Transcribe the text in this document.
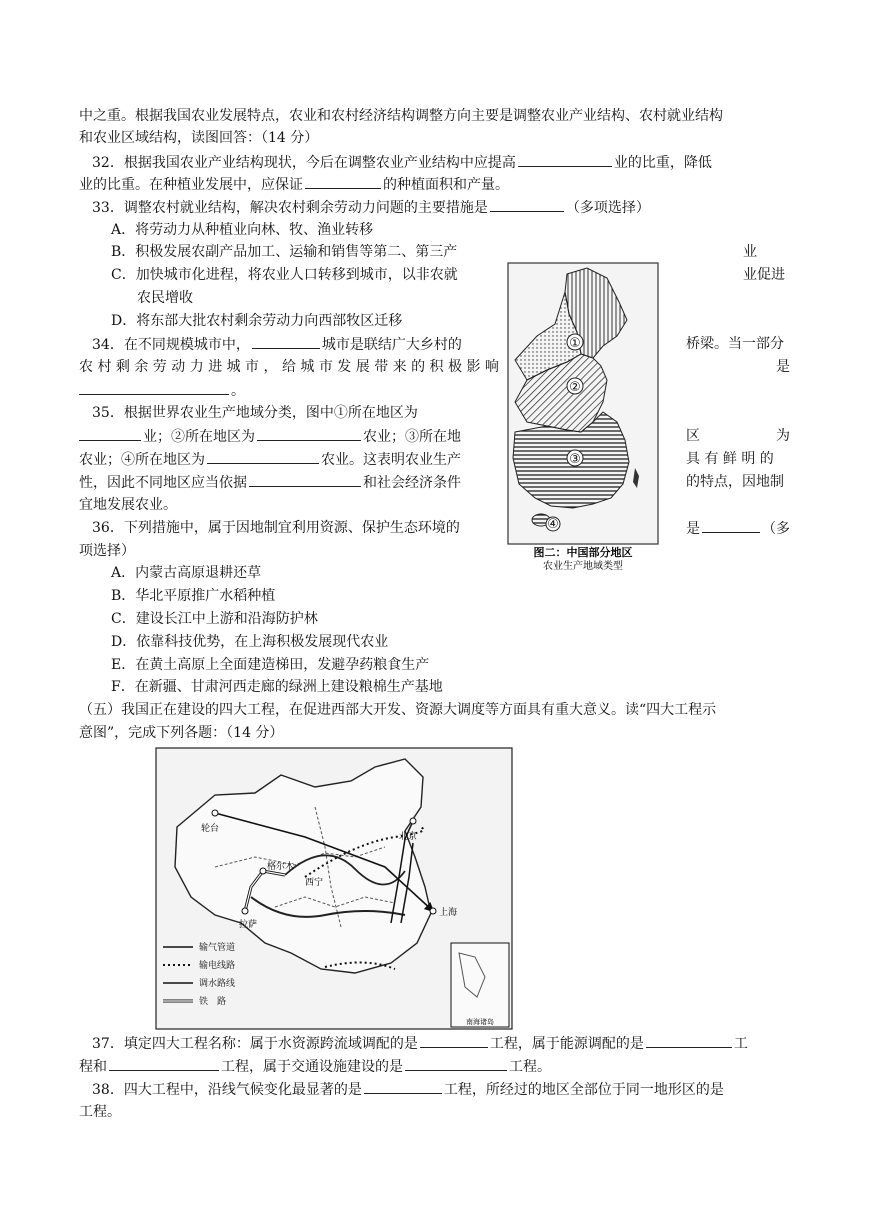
中之重。根据我国农业发展特点，农业和农村经济结构调整方向主要是调整农业产业结构、农村就业结构
和农业区域结构，读图回答：（14 分）
32．根据我国农业产业结构现状，今后在调整农业产业结构中应提高	业的比重，降低
业的比重。在种植业发展中，应保证	的种植面积和产量。
33．调整农村就业结构，解决农村剩余劳动力问题的主要措施是	（多项选择）
A．将劳动力从种植业向林、牧、渔业转移
B．积极发展农副产品加工、运输和销售等第二、第三产	业
C．加快城市化进程，将农业人口转移到城市，以非农就	业促进
农民增收
D．将东部大批农村剩余劳动力向西部牧区迁移
34．在不同规模城市中，	城市是联结广大乡村的	桥梁。当一部分
农 村 剩 余 劳 动 力 进 城 市 ， 给 城 市 发 展 带 来 的 积 极 影 响	是
。
35．根据世界农业生产地域分类，图中①所在地区为
业；②所在地区为	农业；③所在地	区	为
农业；④所在地区为	农业。这表明农业生产	具 有 鲜 明 的
性，因此不同地区应当依据	和社会经济条件	的特点，因地制
宜地发展农业。
36．下列措施中，属于因地制宜利用资源、保护生态环境的	是	（多
项选择）
A．内蒙古高原退耕还草
B．华北平原推广水稻种植
C．建设长江中上游和沿海防护林
D．依靠科技优势，在上海积极发展现代农业
E．在黄土高原上全面建造梯田，发避孕药粮食生产
F．在新疆、甘肃河西走廊的绿洲上建设粮棉生产基地
（五）我国正在建设的四大工程，在促进西部大开发、资源大调度等方面具有重大意义。读“四大工程示
意图”，完成下列各题：（14 分）
37．填定四大工程名称：属于水资源跨流域调配的是	工程，属于能源调配的是	工
程和	工程，属于交通设施建设的是	工程。
38．四大工程中，沿线气候变化最显著的是	工程，所经过的地区全部位于同一地形区的是
工程。
①
②
③
④
图二：中国部分地区
农业生产地域类型
轮台
格尔木
拉萨
北京
上海
西宁
输气管道
输电线路
调水路线
铁　路
南海诸岛
